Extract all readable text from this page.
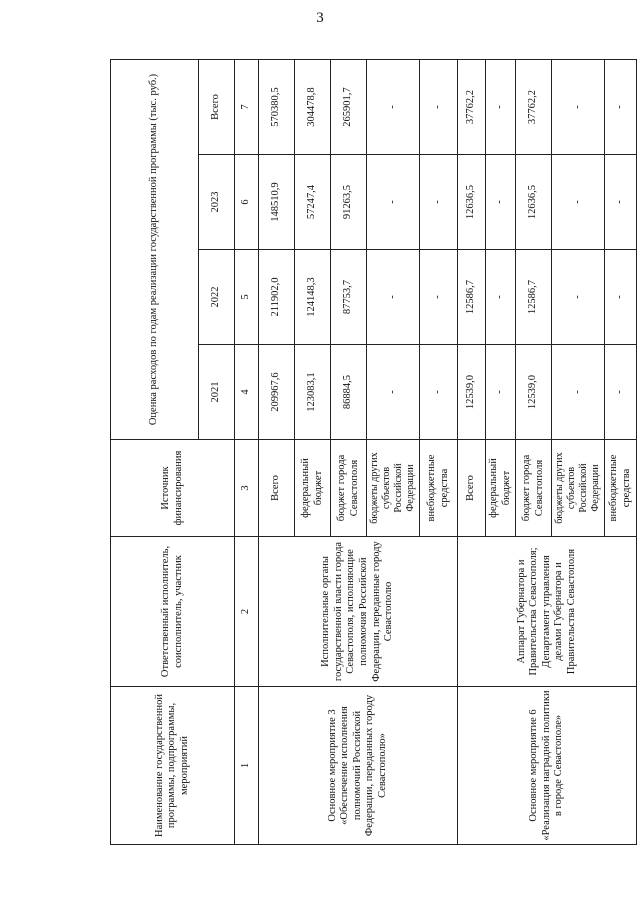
3
Наименование государственной программы, подпрограммы, мероприятий	Ответственный исполнитель, соисполнитель, участник	Источник финансирования	Оценка расходов по годам реализации государственной программы (тыс. руб.)			
			2021	2022	2023	Всего
1	2	3	4	5	6	7
Основное мероприятие 3 «Обеспечение исполнения полномочий Российской Федерации, переданных городу Севастополю»	Исполнительные органы государственной власти города Севастополя, исполняющие полномочия Российской Федерации, переданные городу Севастополю	Всего	209967,6	211902,0	148510,9	570380,5
		федеральный бюджет	123083,1	124148,3	57247,4	304478,8
		бюджет города Севастополя	86884,5	87753,7	91263,5	265901,7
		бюджеты других субъектов Российской Федерации	-	-	-	-
		внебюджетные средства	-	-	-	-
Основное мероприятие 6 «Реализация наградной политики в городе Севастополе»	Аппарат Губернатора и Правительства Севастополя; Департамент управления делами Губернатора и Правительства Севастополя	Всего	12539,0	12586,7	12636,5	37762,2
		федеральный бюджет	-	-	-	-
		бюджет города Севастополя	12539,0	12586,7	12636,5	37762,2
		бюджеты других субъектов Российской Федерации	-	-	-	-
		внебюджетные средства	-	-	-	-
